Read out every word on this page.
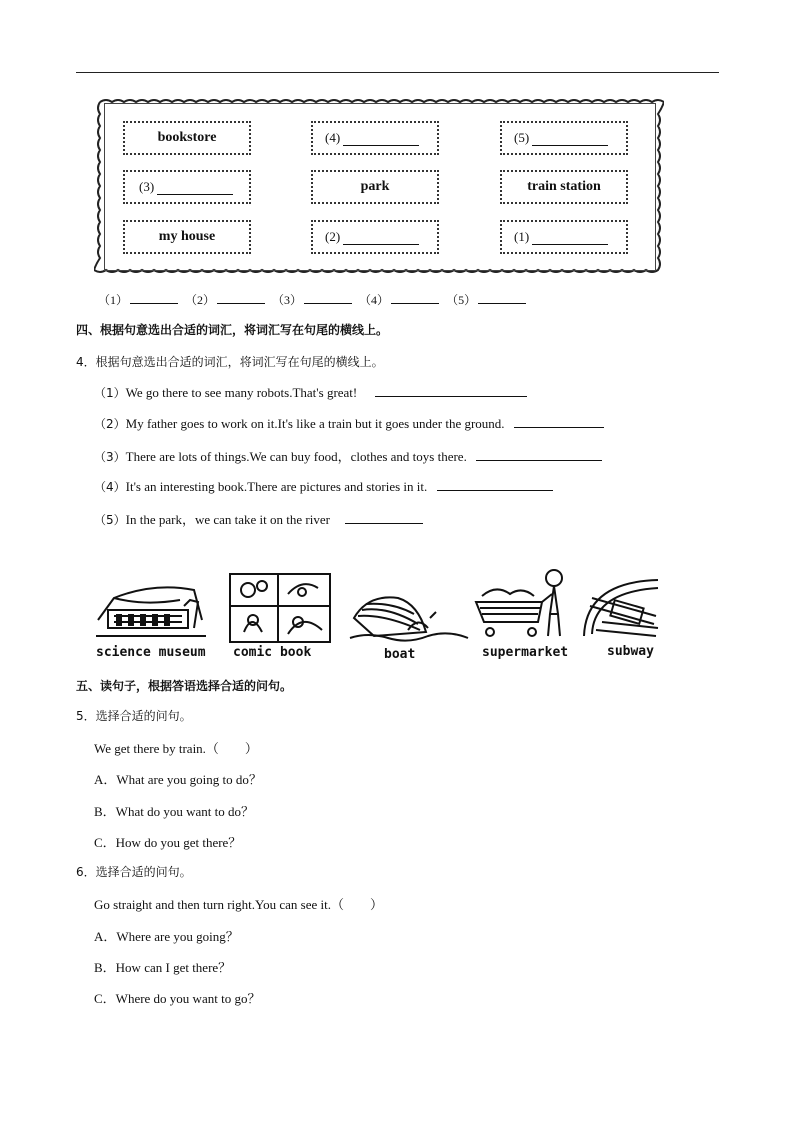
bookstore	(4)	(5)
(3)	park	train station
my house	(2)	(1)
（1）	（2）	（3）	（4）	（5）
四、根据句意选出合适的词汇，将词汇写在句尾的横线上。
4．根据句意选出合适的词汇，将词汇写在句尾的横线上。
（1）We go there to see many robots.That's great!
（2）My father goes to work on it.It's like a train but it goes under the ground.
（3）There are lots of things.We can buy food，clothes and toys there.
（4）It's an interesting book.There are pictures and stories in it.
（5）In the park，we can take it on the river
science museum comic book	boat	supermarket	subway
五、读句子，根据答语选择合适的问句。
5．选择合适的问句。
We get there by train.（　　）
A．What are you going to do？
B．What do you want to do？
C．How do you get there？
6．选择合适的问句。
Go straight and then turn right.You can see it.（　　）
A．Where are you going？
B．How can I get there？
C．Where do you want to go？
